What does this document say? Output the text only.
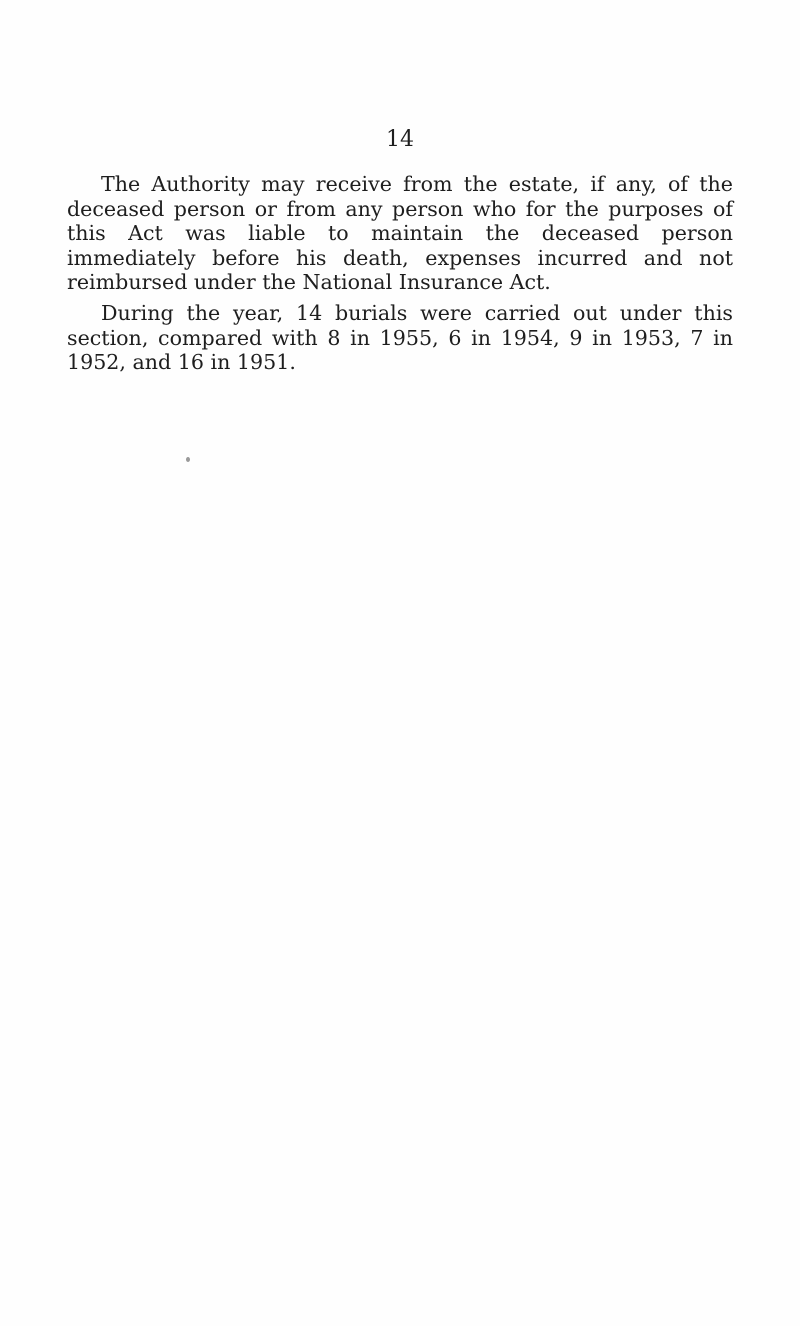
14

The Authority may receive from the estate, if any, of the deceased person or from any person who for the purposes of this Act was liable to maintain the deceased person immediately before his death, expenses incurred and not reimbursed under the National Insurance Act.

During the year, 14 burials were carried out under this section, compared with 8 in 1955, 6 in 1954, 9 in 1953, 7 in 1952, and 16 in 1951.
